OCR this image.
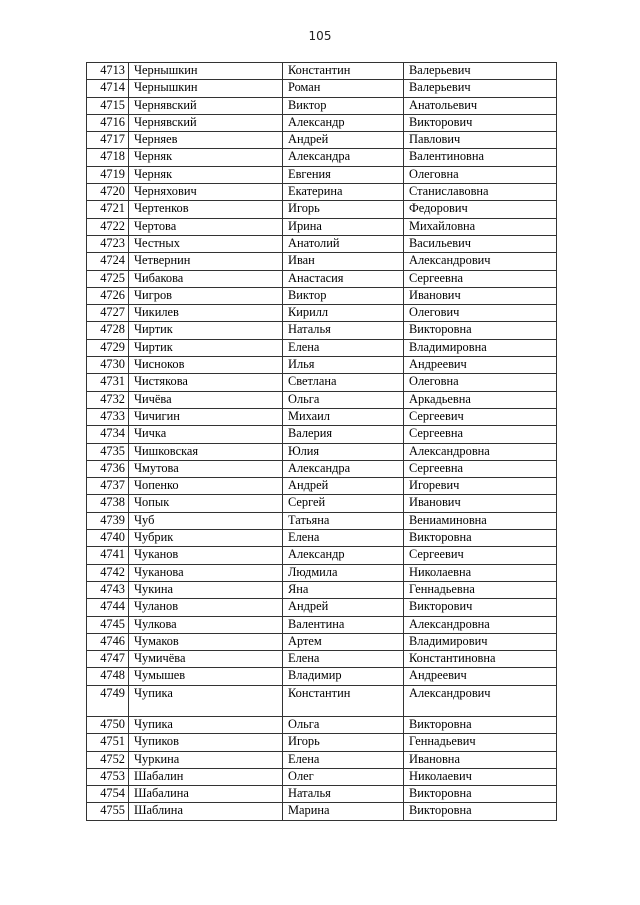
105
4713	Чернышкин	Константин	Валерьевич
4714	Чернышкин	Роман	Валерьевич
4715	Чернявский	Виктор	Анатольевич
4716	Чернявский	Александр	Викторович
4717	Черняев	Андрей	Павлович
4718	Черняк	Александра	Валентиновна
4719	Черняк	Евгения	Олеговна
4720	Черняхович	Екатерина	Станиславовна
4721	Чертенков	Игорь	Федорович
4722	Чертова	Ирина	Михайловна
4723	Честных	Анатолий	Васильевич
4724	Четвернин	Иван	Александрович
4725	Чибакова	Анастасия	Сергеевна
4726	Чигров	Виктор	Иванович
4727	Чикилев	Кирилл	Олегович
4728	Чиртик	Наталья	Викторовна
4729	Чиртик	Елена	Владимировна
4730	Чиснoков	Илья	Андреевич
4731	Чистякова	Светлана	Олеговна
4732	Чичёва	Ольга	Аркадьевна
4733	Чичигин	Михаил	Сергеевич
4734	Чичка	Валерия	Сергеевна
4735	Чишковская	Юлия	Александровна
4736	Чмутова	Александра	Сергеевна
4737	Чопенко	Андрей	Игоревич
4738	Чопык	Сергей	Иванович
4739	Чуб	Татьяна	Вениаминовна
4740	Чубрик	Елена	Викторовна
4741	Чуканов	Александр	Сергеевич
4742	Чуканова	Людмила	Николаевна
4743	Чукина	Яна	Геннадьевна
4744	Чуланов	Андрей	Викторович
4745	Чулкова	Валентина	Александровна
4746	Чумаков	Артем	Владимирович
4747	Чумичёва	Елена	Константиновна
4748	Чумышев	Владимир	Андреевич
4749	Чупика	Константин	Александрович
4750	Чупика	Ольга	Викторовна
4751	Чупиков	Игорь	Геннадьевич
4752	Чуркина	Елена	Ивановна
4753	Шабалин	Олег	Николаевич
4754	Шабалина	Наталья	Викторовна
4755	Шаблина	Марина	Викторовна
